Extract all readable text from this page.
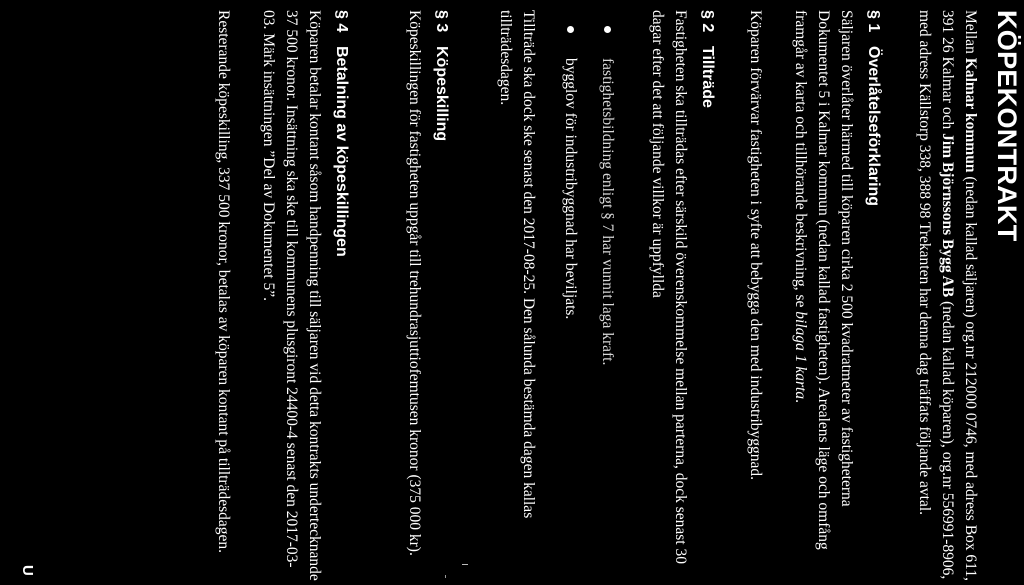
KÖPEKONTRAKT

Mellan Kalmar kommun (nedan kallad säljaren) org.nr 212000 0746, med adress Box 611, 391 26 Kalmar och Jim Björnssons Bygg AB (nedan kallad köparen), org.nr 556991-8906, med adress Källstorp 338, 388 98 Trekanten har denna dag träffats följande avtal.

§ 1Överlåtelseförklaring

Säljaren överlåter härmed till köparen cirka 2 500 kvadratmeter av fastigheterna Dokumentet 5 i Kalmar kommun (nedan kallad fastigheten). Arealens läge och omfång framgår av karta och tillhörande beskrivning, se bilaga 1 karta.

Köparen förvärvar fastigheten i syfte att bebygga den med industribyggnad.

§ 2Tillträde

Fastigheten ska tillträdas efter särskild överenskommelse mellan parterna, dock senast 30 dagar efter det att följande villkor är uppfyllda

fastighetsbildning enligt § 7 har vunnit laga kraft.
bygglov för industribyggnad har beviljats.

Tillträde ska dock ske senast den 2017-08-25. Den sålunda bestämda dagen kallas tillträdesdagen.

§ 3Köpeskilling

Köpeskillingen för fastigheten uppgår till trehundrasjuttiofemtusen kronor (375 000 kr).

§ 4Betalning av köpeskillingen

Köparen betalar kontant såsom handpenning till säljaren vid detta kontrakts undertecknande 37 500 kronor. Insättning ska ske till kommunens plusgiront 24400-4 senast den 2017-03-03. Märk insättningen ”Del av Dokumentet 5”.

Resterande köpeskilling, 337 500 kronor, betalas av köparen kontant på tillträdesdagen.

U
